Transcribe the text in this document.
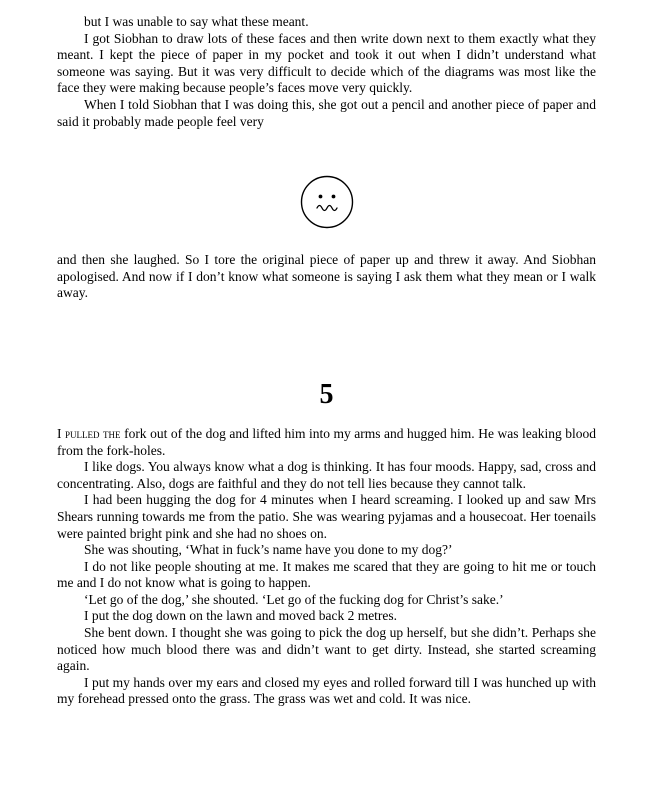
but I was unable to say what these meant.

I got Siobhan to draw lots of these faces and then write down next to them exactly what they meant. I kept the piece of paper in my pocket and took it out when I didn’t understand what someone was saying. But it was very difficult to decide which of the diagrams was most like the face they were making because people’s faces move very quickly.

When I told Siobhan that I was doing this, she got out a pencil and another piece of paper and said it probably made people feel very

and then she laughed. So I tore the original piece of paper up and threw it away. And Siobhan apologised. And now if I don’t know what someone is saying I ask them what they mean or I walk away.

5

I pulled the fork out of the dog and lifted him into my arms and hugged him. He was leaking blood from the fork-holes.

I like dogs. You always know what a dog is thinking. It has four moods. Happy, sad, cross and concentrating. Also, dogs are faithful and they do not tell lies because they cannot talk.

I had been hugging the dog for 4 minutes when I heard screaming. I looked up and saw Mrs Shears running towards me from the patio. She was wearing pyjamas and a housecoat. Her toenails were painted bright pink and she had no shoes on.

She was shouting, ‘What in fuck’s name have you done to my dog?’

I do not like people shouting at me. It makes me scared that they are going to hit me or touch me and I do not know what is going to happen.

‘Let go of the dog,’ she shouted. ‘Let go of the fucking dog for Christ’s sake.’

I put the dog down on the lawn and moved back 2 metres.

She bent down. I thought she was going to pick the dog up herself, but she didn’t. Perhaps she noticed how much blood there was and didn’t want to get dirty. Instead, she started screaming again.

I put my hands over my ears and closed my eyes and rolled forward till I was hunched up with my forehead pressed onto the grass. The grass was wet and cold. It was nice.
